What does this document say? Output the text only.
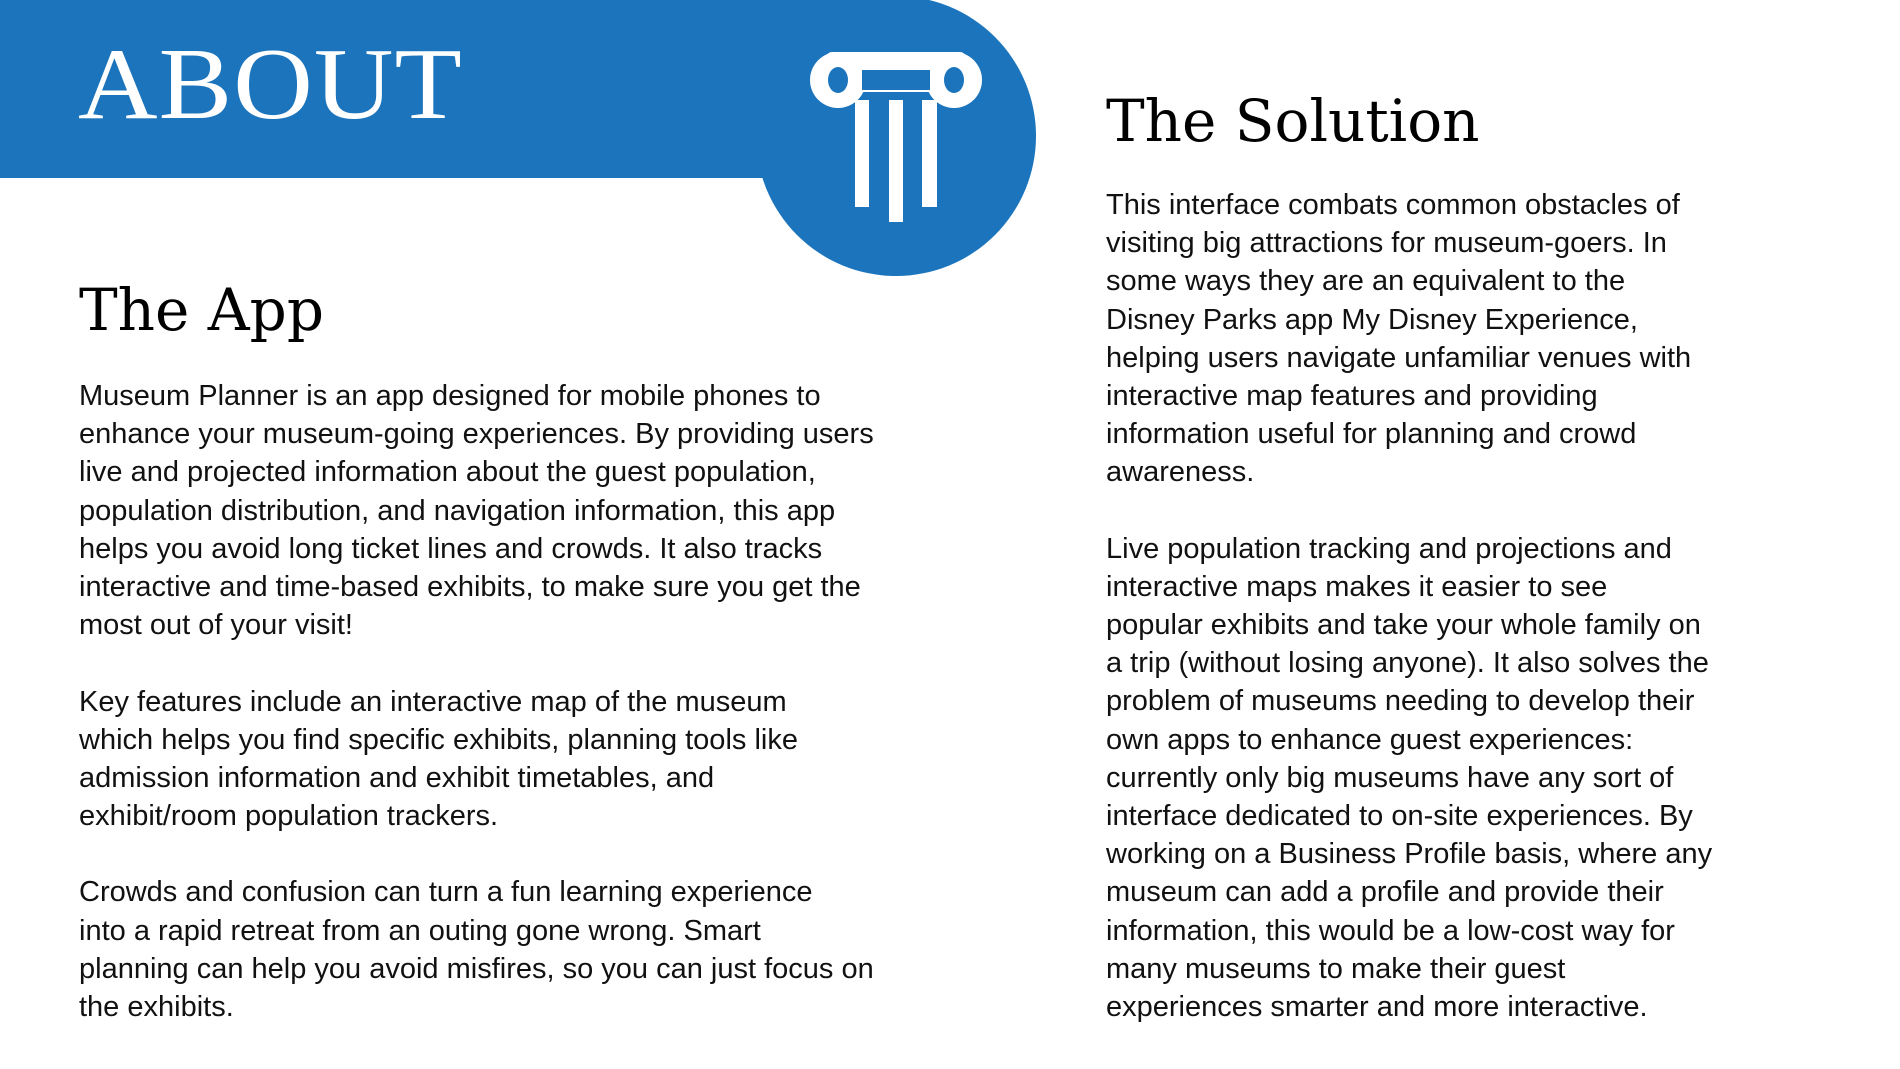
ABOUT
The App
The Solution
Museum Planner is an app designed for mobile phones to
enhance your museum-going experiences. By providing users
live and projected information about the guest population,
population distribution, and navigation information, this app
helps you avoid long ticket lines and crowds. It also tracks
interactive and time-based exhibits, to make sure you get the
most out of your visit!
Key features include an interactive map of the museum
which helps you find specific exhibits, planning tools like
admission information and exhibit timetables, and
exhibit/room population trackers.
Crowds and confusion can turn a fun learning experience
into a rapid retreat from an outing gone wrong. Smart
planning can help you avoid misfires, so you can just focus on
the exhibits.
This interface combats common obstacles of
visiting big attractions for museum-goers. In
some ways they are an equivalent to the
Disney Parks app My Disney Experience,
helping users navigate unfamiliar venues with
interactive map features and providing
information useful for planning and crowd
awareness.
Live population tracking and projections and
interactive maps makes it easier to see
popular exhibits and take your whole family on
a trip (without losing anyone). It also solves the
problem of museums needing to develop their
own apps to enhance guest experiences:
currently only big museums have any sort of
interface dedicated to on-site experiences. By
working on a Business Profile basis, where any
museum can add a profile and provide their
information, this would be a low-cost way for
many museums to make their guest
experiences smarter and more interactive.
